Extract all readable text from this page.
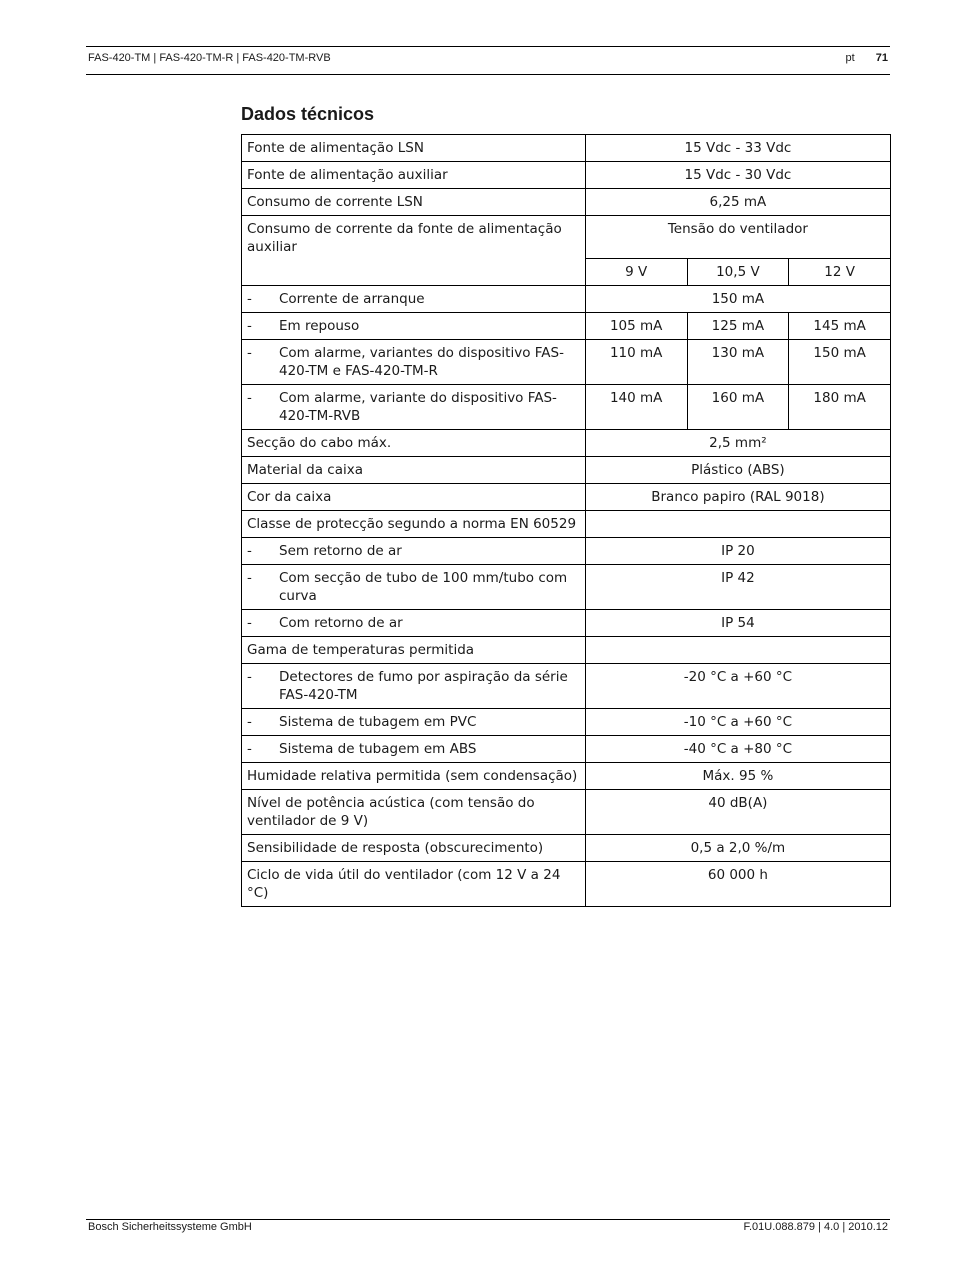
FAS-420-TM | FAS-420-TM-R | FAS-420-TM-RVB	pt 71
Dados técnicos
Fonte de alimentação LSN	15 Vdc - 33 Vdc		
Fonte de alimentação auxiliar	15 Vdc - 30 Vdc		
Consumo de corrente LSN	6,25 mA		
Consumo de corrente da fonte de alimentação auxiliar	Tensão do ventilador		
	9 V	10,5 V	12 V
- Corrente de arranque	150 mA		
- Em repouso	105 mA	125 mA	145 mA
- Com alarme, variantes do dispositivo FAS-420-TM e FAS-420-TM-R	110 mA	130 mA	150 mA
- Com alarme, variante do dispositivo FAS-420-TM-RVB	140 mA	160 mA	180 mA
Secção do cabo máx.	2,5 mm²		
Material da caixa	Plástico (ABS)		
Cor da caixa	Branco papiro (RAL 9018)		
Classe de protecção segundo a norma EN 60529			
- Sem retorno de ar	IP 20		
- Com secção de tubo de 100 mm/tubo com curva	IP 42		
- Com retorno de ar	IP 54		
Gama de temperaturas permitida			
- Detectores de fumo por aspiração da série FAS-420-TM	-20 °C a +60 °C		
- Sistema de tubagem em PVC	-10 °C a +60 °C		
- Sistema de tubagem em ABS	-40 °C a +80 °C		
Humidade relativa permitida (sem condensação)	Máx. 95 %		
Nível de potência acústica (com tensão do ventilador de 9 V)	40 dB(A)		
Sensibilidade de resposta (obscurecimento)	0,5 a 2,0 %/m		
Ciclo de vida útil do ventilador (com 12 V a 24 °C)	60 000 h		
Bosch Sicherheitssysteme GmbH	F.01U.088.879 | 4.0 | 2010.12
